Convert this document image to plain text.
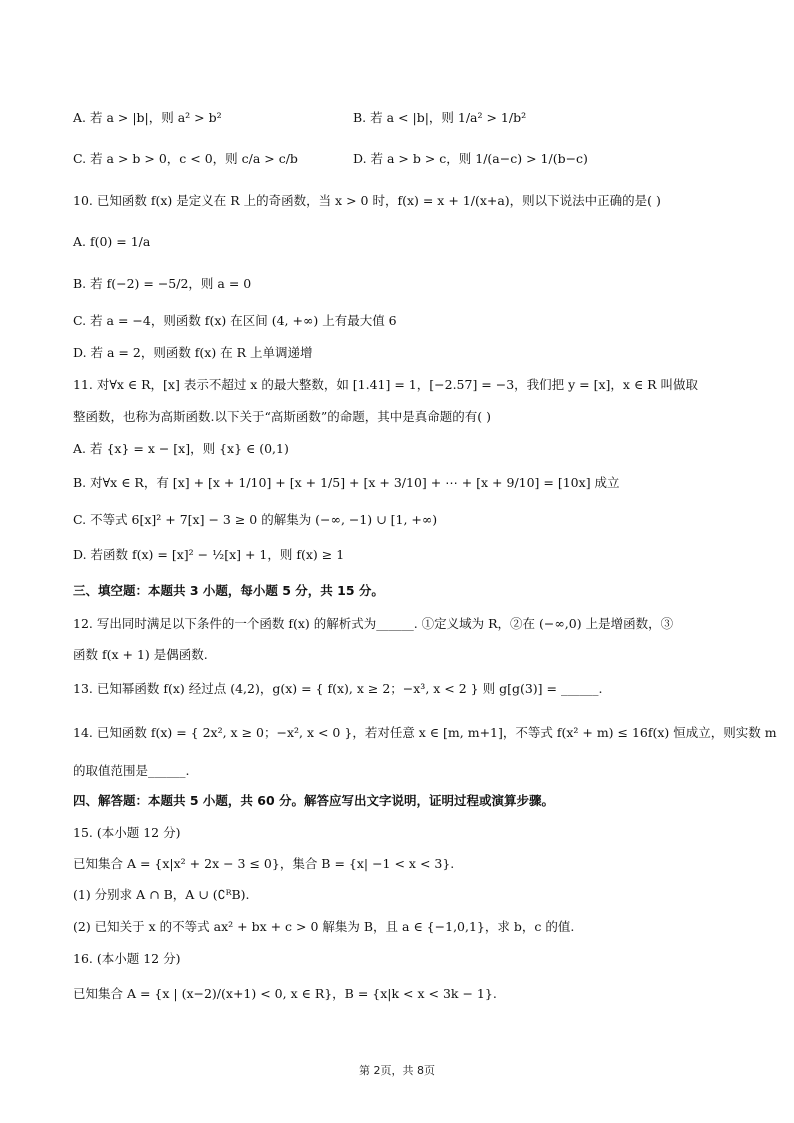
A. 若 a > |b|，则 a² > b²	B. 若 a < |b|，则 1/a² > 1/b²
C. 若 a > b > 0，c < 0，则 c/a > c/b	D. 若 a > b > c，则 1/(a−c) > 1/(b−c)
10. 已知函数 f(x) 是定义在 R 上的奇函数，当 x > 0 时，f(x) = x + 1/(x+a)，则以下说法中正确的是( )
A. f(0) = 1/a
B. 若 f(−2) = −5/2，则 a = 0
C. 若 a = −4，则函数 f(x) 在区间 (4, +∞) 上有最大值 6
D. 若 a = 2，则函数 f(x) 在 R 上单调递增
11. 对∀x ∈ R，[x] 表示不超过 x 的最大整数，如 [1.41] = 1，[−2.57] = −3，我们把 y = [x]，x ∈ R 叫做取
整函数，也称为高斯函数.以下关于“高斯函数”的命题，其中是真命题的有( )
A. 若 {x} = x − [x]，则 {x} ∈ (0,1)
B. 对∀x ∈ R，有 [x] + [x + 1/10] + [x + 1/5] + [x + 3/10] + ⋯ + [x + 9/10] = [10x] 成立
C. 不等式 6[x]² + 7[x] − 3 ≥ 0 的解集为 (−∞, −1) ∪ [1, +∞)
D. 若函数 f(x) = [x]² − ½[x] + 1，则 f(x) ≥ 1
三、填空题：本题共 3 小题，每小题 5 分，共 15 分。
12. 写出同时满足以下条件的一个函数 f(x) 的解析式为______. ①定义域为 R，②在 (−∞,0) 上是增函数，③
函数 f(x + 1) 是偶函数.
13. 已知幂函数 f(x) 经过点 (4,2)，g(x) = { f(x), x ≥ 2；−x³, x < 2 } 则 g[g(3)] = ______.
14. 已知函数 f(x) = { 2x², x ≥ 0；−x², x < 0 }，若对任意 x ∈ [m, m+1]，不等式 f(x² + m) ≤ 16f(x) 恒成立，则实数 m
的取值范围是______.
四、解答题：本题共 5 小题，共 60 分。解答应写出文字说明，证明过程或演算步骤。
15. (本小题 12 分)
已知集合 A = {x|x² + 2x − 3 ≤ 0}，集合 B = {x| −1 < x < 3}.
(1) 分别求 A ∩ B，A ∪ (∁ᴿB).
(2) 已知关于 x 的不等式 ax² + bx + c > 0 解集为 B，且 a ∈ {−1,0,1}，求 b，c 的值.
16. (本小题 12 分)
已知集合 A = {x | (x−2)/(x+1) < 0, x ∈ R}，B = {x|k < x < 3k − 1}.
第 2页，共 8页
